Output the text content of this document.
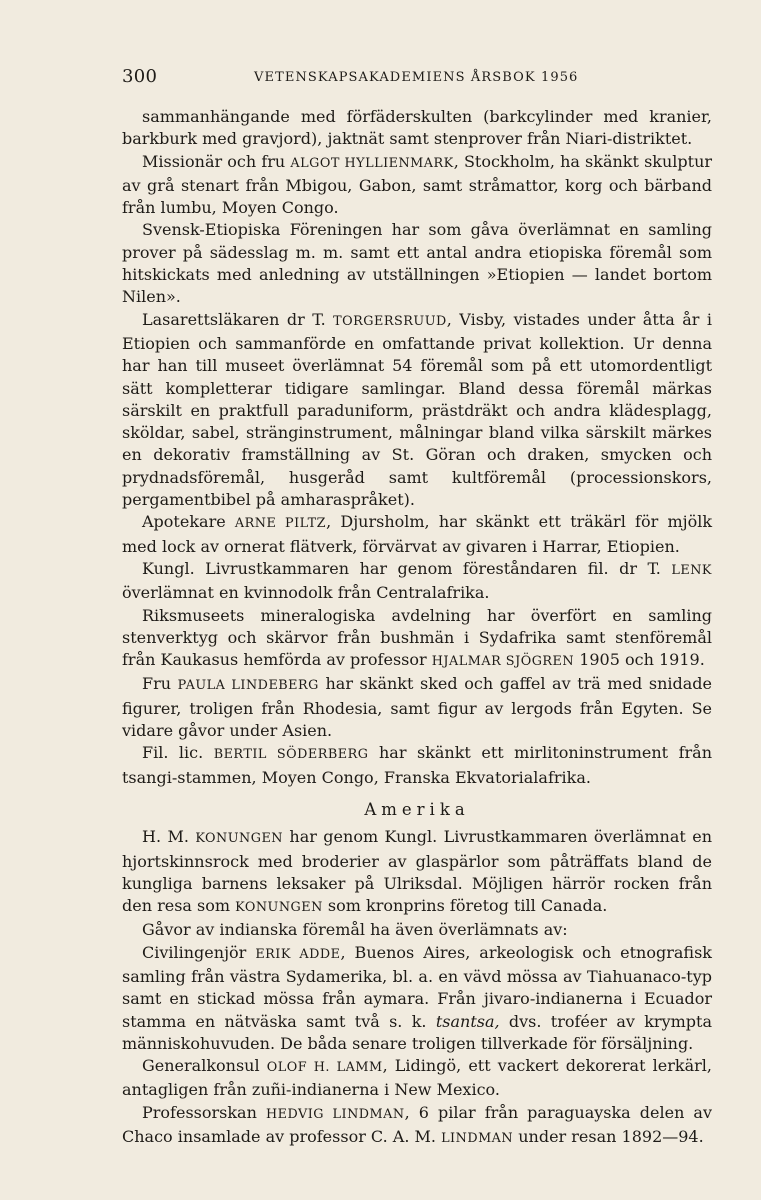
300	VETENSKAPSAKADEMIENS ÅRSBOK 1956

sammanhängande med förfäderskulten (barkcylinder med kranier, barkburk med gravjord), jaktnät samt stenprover från Niari-distriktet.

Missionär och fru ALGOT HYLLIENMARK, Stockholm, ha skänkt skulptur av grå stenart från Mbigou, Gabon, samt stråmattor, korg och bärband från lumbu, Moyen Congo.

Svensk-Etiopiska Föreningen har som gåva överlämnat en samling prover på sädesslag m. m. samt ett antal andra etiopiska föremål som hitskickats med anledning av utställningen »Etiopien — landet bortom Nilen».

Lasarettsläkaren dr T. TORGERSRUUD, Visby, vistades under åtta år i Etiopien och sammanförde en omfattande privat kollektion. Ur denna har han till museet överlämnat 54 föremål som på ett utomordentligt sätt kompletterar tidigare samlingar. Bland dessa föremål märkas särskilt en praktfull paraduniform, prästdräkt och andra klädesplagg, sköldar, sabel, stränginstrument, målningar bland vilka särskilt märkes en dekorativ framställning av St. Göran och draken, smycken och prydnadsföremål, husgeråd samt kultföremål (processionskors, pergamentbibel på amharaspråket).

Apotekare ARNE PILTZ, Djursholm, har skänkt ett träkärl för mjölk med lock av ornerat flätverk, förvärvat av givaren i Harrar, Etiopien.

Kungl. Livrustkammaren har genom föreståndaren fil. dr T. LENK överlämnat en kvinnodolk från Centralafrika.

Riksmuseets mineralogiska avdelning har överfört en samling stenverktyg och skärvor från bushmän i Sydafrika samt stenföremål från Kaukasus hemförda av professor HJALMAR SJÖGREN 1905 och 1919.

Fru PAULA LINDEBERG har skänkt sked och gaffel av trä med snidade figurer, troligen från Rhodesia, samt figur av lergods från Egyten. Se vidare gåvor under Asien.

Fil. lic. BERTIL SÖDERBERG har skänkt ett mirlitoninstrument från tsangi-stammen, Moyen Congo, Franska Ekvatorialafrika.

Amerika

H. M. KONUNGEN har genom Kungl. Livrustkammaren överlämnat en hjortskinnsrock med broderier av glaspärlor som påträffats bland de kungliga barnens leksaker på Ulriksdal. Möjligen härrör rocken från den resa som KONUNGEN som kronprins företog till Canada.

Gåvor av indianska föremål ha även överlämnats av:

Civilingenjör ERIK ADDE, Buenos Aires, arkeologisk och etnografisk samling från västra Sydamerika, bl. a. en vävd mössa av Tiahuanaco-typ samt en stickad mössa från aymara. Från jivaro-indianerna i Ecuador stamma en nätväska samt två s. k. tsantsa, dvs. troféer av krympta människohuvuden. De båda senare troligen tillverkade för försäljning.

Generalkonsul OLOF H. LAMM, Lidingö, ett vackert dekorerat lerkärl, antagligen från zuñi-indianerna i New Mexico.

Professorskan HEDVIG LINDMAN, 6 pilar från paraguayska delen av Chaco insamlade av professor C. A. M. LINDMAN under resan 1892—94.
